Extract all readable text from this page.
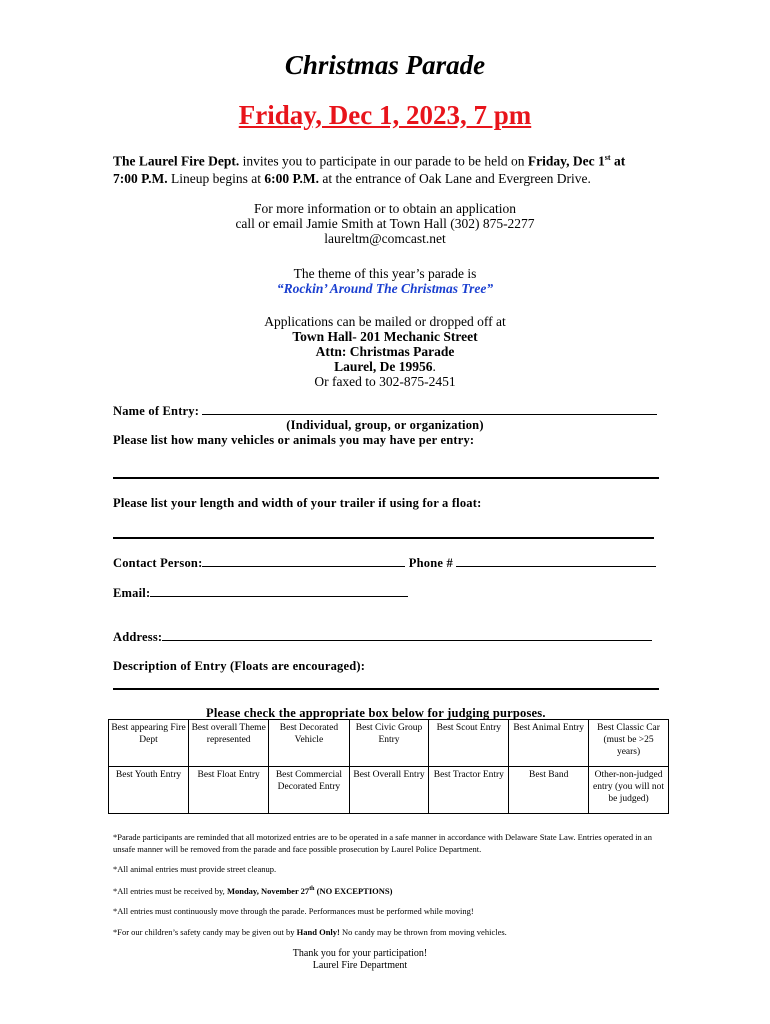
Christmas Parade
Friday, Dec 1, 2023, 7 pm
The Laurel Fire Dept. invites you to participate in our parade to be held on Friday, Dec 1st at
7:00 P.M. Lineup begins at 6:00 P.M. at the entrance of Oak Lane and Evergreen Drive.
For more information or to obtain an application
call or email Jamie Smith at Town Hall (302) 875-2277
laureltm@comcast.net
The theme of this year’s parade is
“Rockin’ Around The Christmas Tree”
Applications can be mailed or dropped off at
Town Hall- 201 Mechanic Street
Attn: Christmas Parade
Laurel, De 19956.
Or faxed to 302-875-2451
Name of Entry:
(Individual, group, or organization)
Please list how many vehicles or animals you may have per entry:
Please list your length and width of your trailer if using for a float:
Contact Person:	Phone #
Email:
Address:
Description of Entry (Floats are encouraged):
Please check the appropriate box below for judging purposes.
Best appearing Fire Dept	Best overall Theme represented	Best Decorated Vehicle	Best Civic Group Entry	Best Scout Entry	Best Animal Entry	Best Classic Car (must be >25 years)
Best Youth Entry	Best Float Entry	Best Commercial Decorated Entry	Best Overall Entry	Best Tractor Entry	Best Band	Other-non-judged entry (you will not be judged)
*Parade participants are reminded that all motorized entries are to be operated in a safe manner in accordance with Delaware State Law. Entries operated in an unsafe manner will be removed from the parade and face possible prosecution by Laurel Police Department.
*All animal entries must provide street cleanup.
*All entries must be received by, Monday, November 27th (NO EXCEPTIONS)
*All entries must continuously move through the parade. Performances must be performed while moving!
*For our children’s safety candy may be given out by Hand Only! No candy may be thrown from moving vehicles.
Thank you for your participation!
Laurel Fire Department
